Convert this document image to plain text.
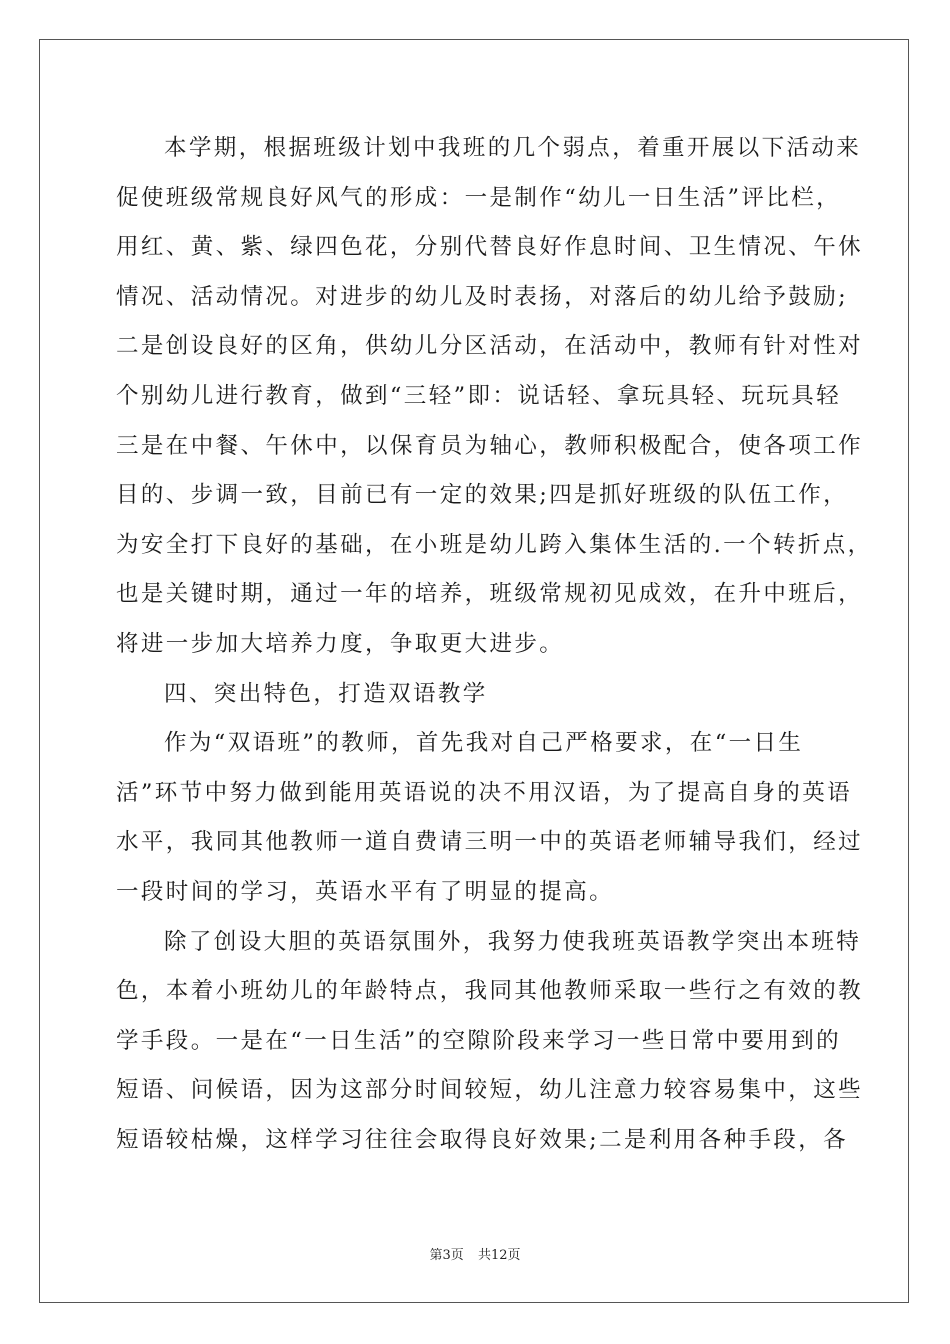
本学期，根据班级计划中我班的几个弱点，着重开展以下活动来
促使班级常规良好风气的形成：一是制作“幼儿一日生活”评比栏，
用红、黄、紫、绿四色花，分别代替良好作息时间、卫生情况、午休
情况、活动情况。对进步的幼儿及时表扬，对落后的幼儿给予鼓励;
二是创设良好的区角，供幼儿分区活动，在活动中，教师有针对性对
个别幼儿进行教育，做到“三轻”即：说话轻、拿玩具轻、玩玩具轻
三是在中餐、午休中，以保育员为轴心，教师积极配合，使各项工作
目的、步调一致，目前已有一定的效果;四是抓好班级的队伍工作，
为安全打下良好的基础，在小班是幼儿跨入集体生活的.一个转折点，
也是关键时期，通过一年的培养，班级常规初见成效，在升中班后，
将进一步加大培养力度，争取更大进步。
四、突出特色，打造双语教学
作为“双语班”的教师，首先我对自己严格要求，在“一日生
活”环节中努力做到能用英语说的决不用汉语，为了提高自身的英语
水平，我同其他教师一道自费请三明一中的英语老师辅导我们，经过
一段时间的学习，英语水平有了明显的提高。
除了创设大胆的英语氛围外，我努力使我班英语教学突出本班特
色，本着小班幼儿的年龄特点，我同其他教师采取一些行之有效的教
学手段。一是在“一日生活”的空隙阶段来学习一些日常中要用到的
短语、问候语，因为这部分时间较短，幼儿注意力较容易集中，这些
短语较枯燥，这样学习往往会取得良好效果;二是利用各种手段，各
第3页 共12页
